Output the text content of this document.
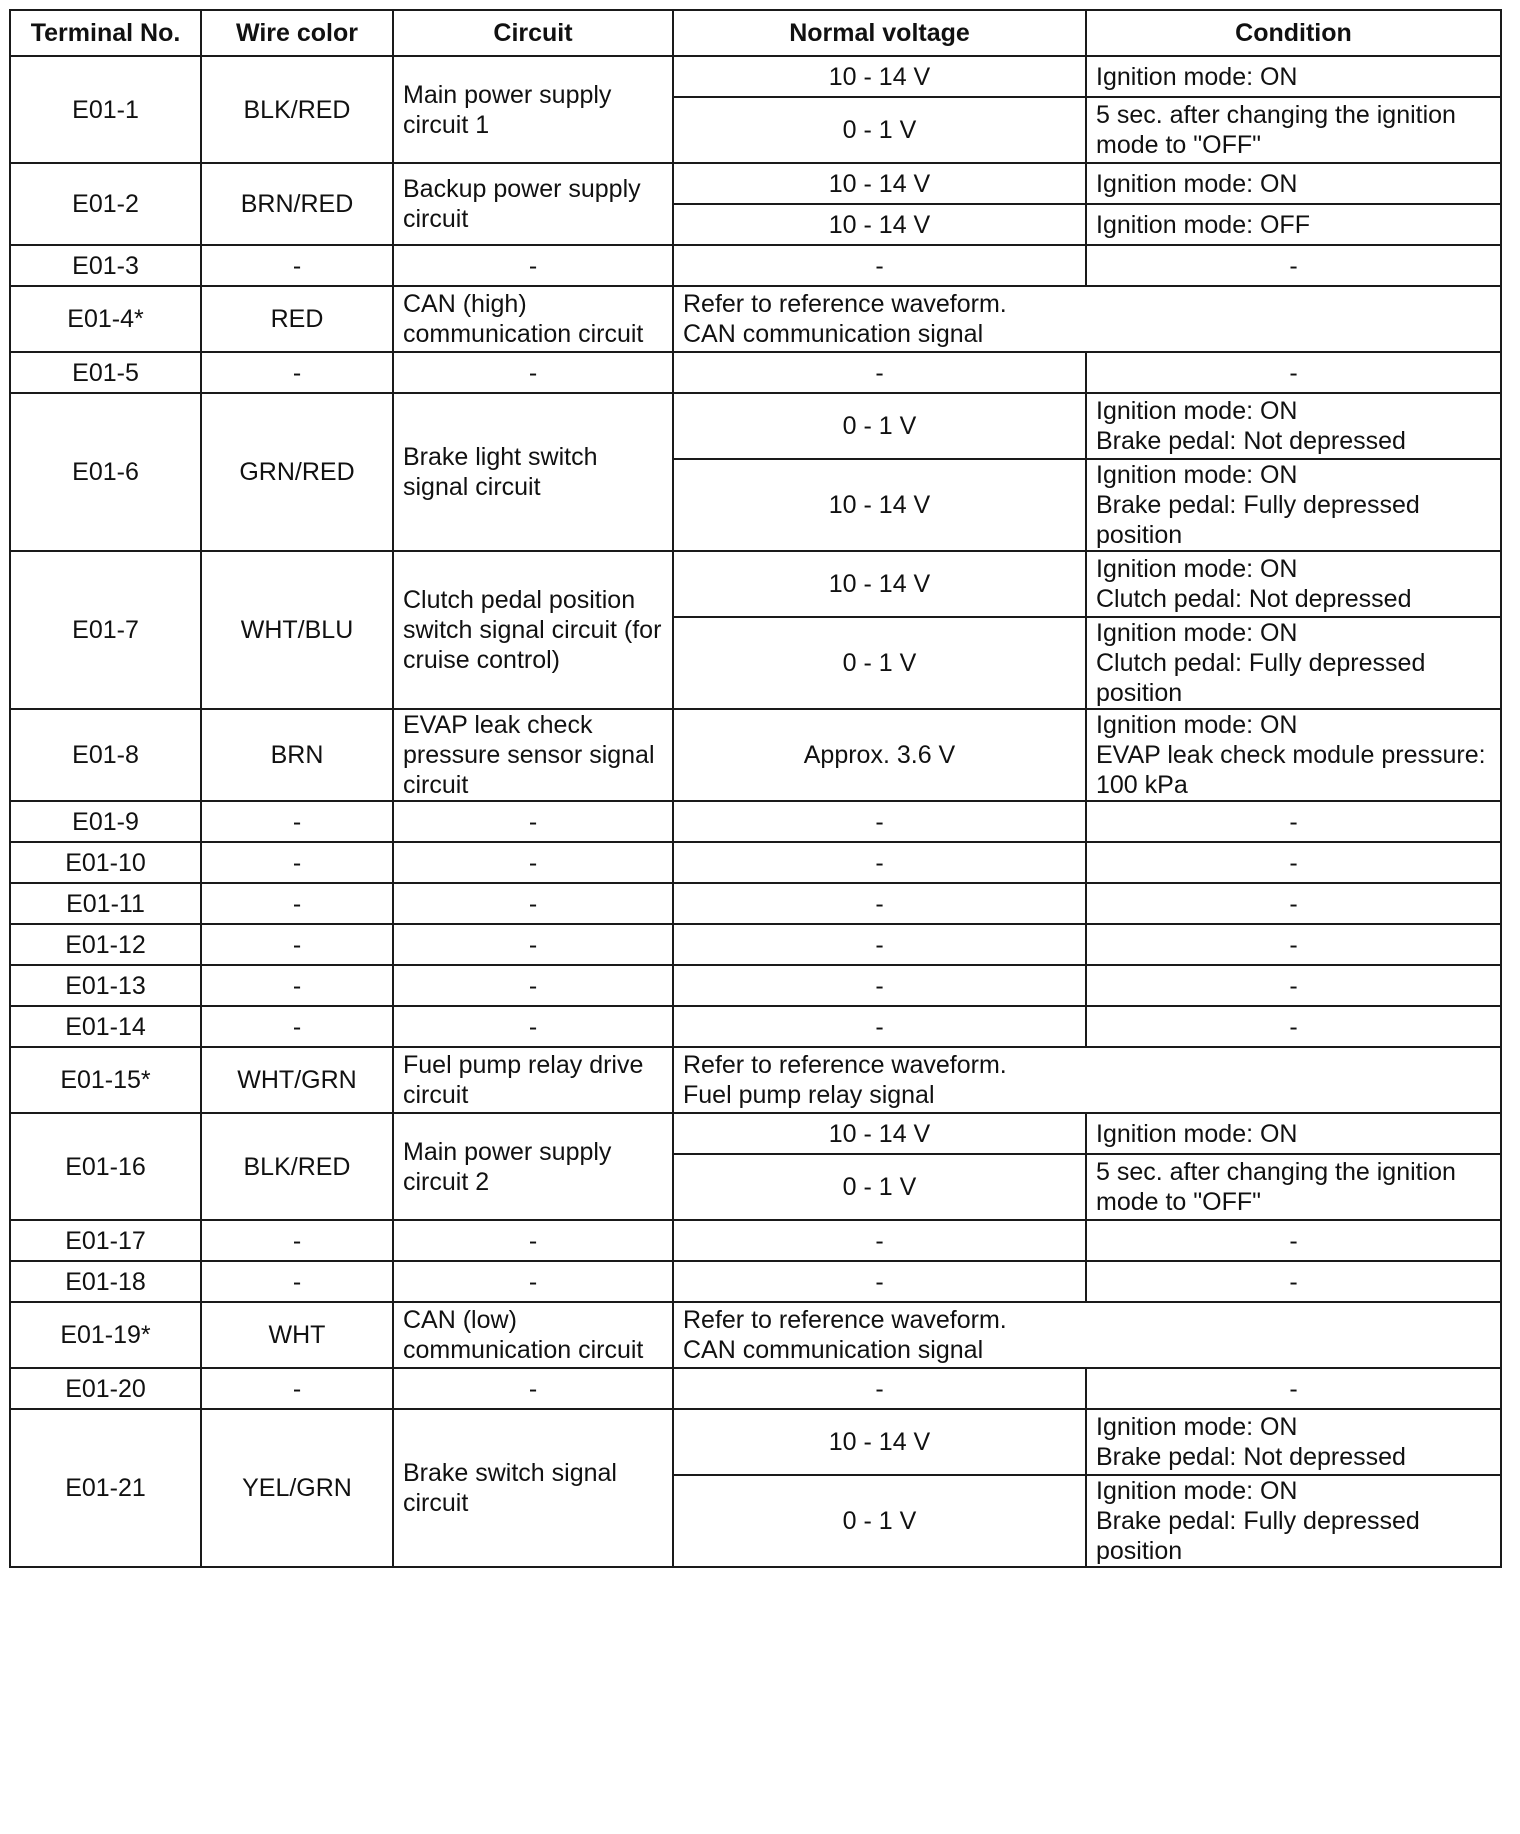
Terminal No.	Wire color	Circuit	Normal voltage	Condition
E01-1	BLK/RED	Main power supply
circuit 1	10 - 14 V	Ignition mode: ON
			0 - 1 V	5 sec. after changing the ignition
mode to "OFF"
E01-2	BRN/RED	Backup power supply
circuit	10 - 14 V	Ignition mode: ON
			10 - 14 V	Ignition mode: OFF
E01-3	-	-	-	-
E01-4*	RED	CAN (high)
communication circuit	Refer to reference waveform.
CAN communication signal	
E01-5	-	-	-	-
E01-6	GRN/RED	Brake light switch
signal circuit	0 - 1 V	Ignition mode: ON
Brake pedal: Not depressed
			10 - 14 V	Ignition mode: ON
Brake pedal: Fully depressed
position
E01-7	WHT/BLU	Clutch pedal position
switch signal circuit (for
cruise control)	10 - 14 V	Ignition mode: ON
Clutch pedal: Not depressed
			0 - 1 V	Ignition mode: ON
Clutch pedal: Fully depressed
position
E01-8	BRN	EVAP leak check
pressure sensor signal
circuit	Approx. 3.6 V	Ignition mode: ON
EVAP leak check module pressure:
100 kPa
E01-9	-	-	-	-
E01-10	-	-	-	-
E01-11	-	-	-	-
E01-12	-	-	-	-
E01-13	-	-	-	-
E01-14	-	-	-	-
E01-15*	WHT/GRN	Fuel pump relay drive
circuit	Refer to reference waveform.
Fuel pump relay signal	
E01-16	BLK/RED	Main power supply
circuit 2	10 - 14 V	Ignition mode: ON
			0 - 1 V	5 sec. after changing the ignition
mode to "OFF"
E01-17	-	-	-	-
E01-18	-	-	-	-
E01-19*	WHT	CAN (low)
communication circuit	Refer to reference waveform.
CAN communication signal	
E01-20	-	-	-	-
E01-21	YEL/GRN	Brake switch signal
circuit	10 - 14 V	Ignition mode: ON
Brake pedal: Not depressed
			0 - 1 V	Ignition mode: ON
Brake pedal: Fully depressed
position
